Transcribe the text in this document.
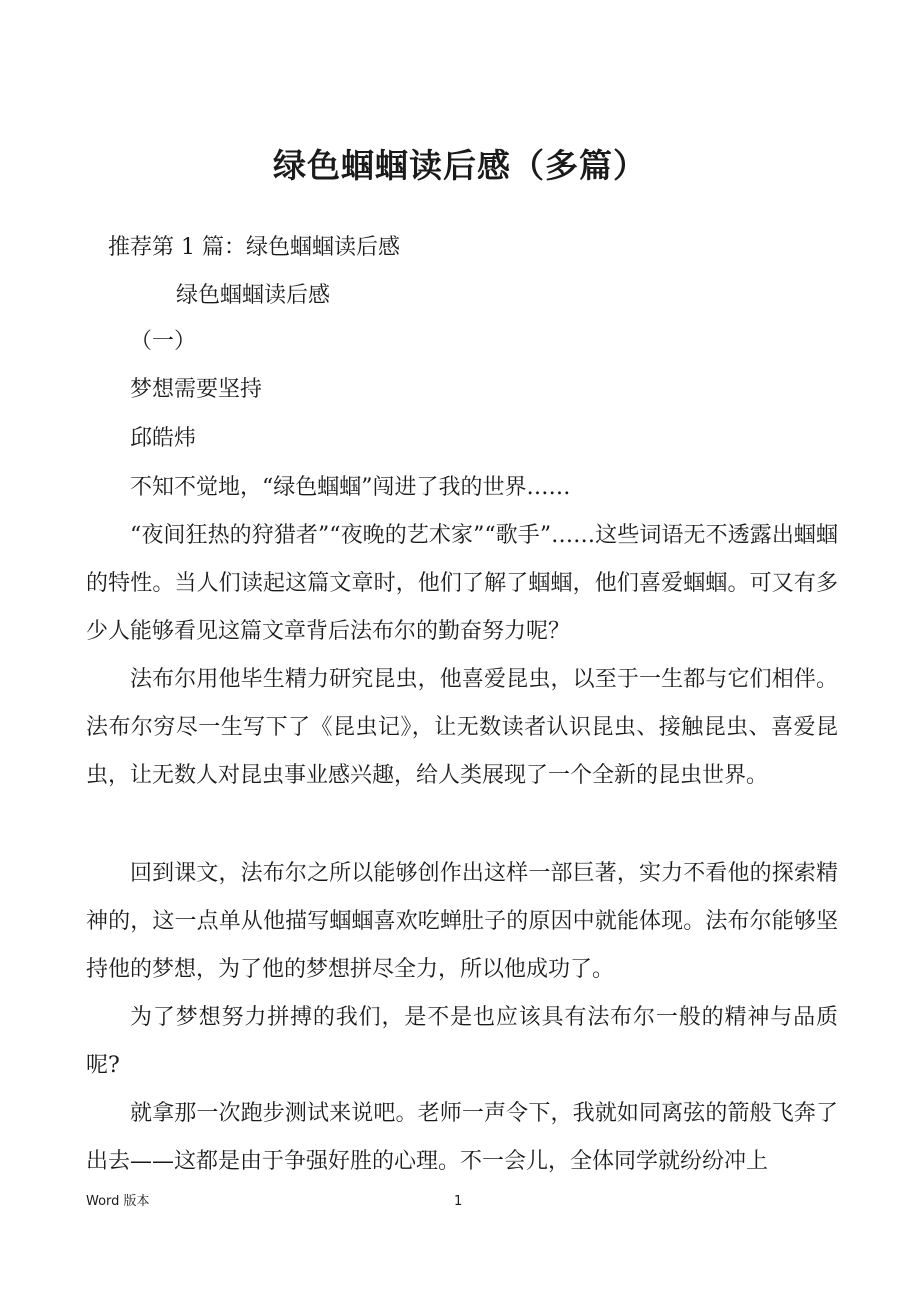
绿色蝈蝈读后感（多篇）

推荐第 1 篇：绿色蝈蝈读后感

绿色蝈蝈读后感

（一）

梦想需要坚持

邱皓炜

不知不觉地，“绿色蝈蝈”闯进了我的世界……

“夜间狂热的狩猎者”“夜晚的艺术家”“歌手”……这些词语无不透露出蝈蝈的特性。当人们读起这篇文章时，他们了解了蝈蝈，他们喜爱蝈蝈。可又有多少人能够看见这篇文章背后法布尔的勤奋努力呢？

法布尔用他毕生精力研究昆虫，他喜爱昆虫，以至于一生都与它们相伴。法布尔穷尽一生写下了《昆虫记》，让无数读者认识昆虫、接触昆虫、喜爱昆虫，让无数人对昆虫事业感兴趣，给人类展现了一个全新的昆虫世界。

回到课文，法布尔之所以能够创作出这样一部巨著，实力不看他的探索精神的，这一点单从他描写蝈蝈喜欢吃蝉肚子的原因中就能体现。法布尔能够坚持他的梦想，为了他的梦想拼尽全力，所以他成功了。

为了梦想努力拼搏的我们，是不是也应该具有法布尔一般的精神与品质呢?

就拿那一次跑步测试来说吧。老师一声令下，我就如同离弦的箭般飞奔了出去——这都是由于争强好胜的心理。不一会儿，全体同学就纷纷冲上

Word 版本	1
